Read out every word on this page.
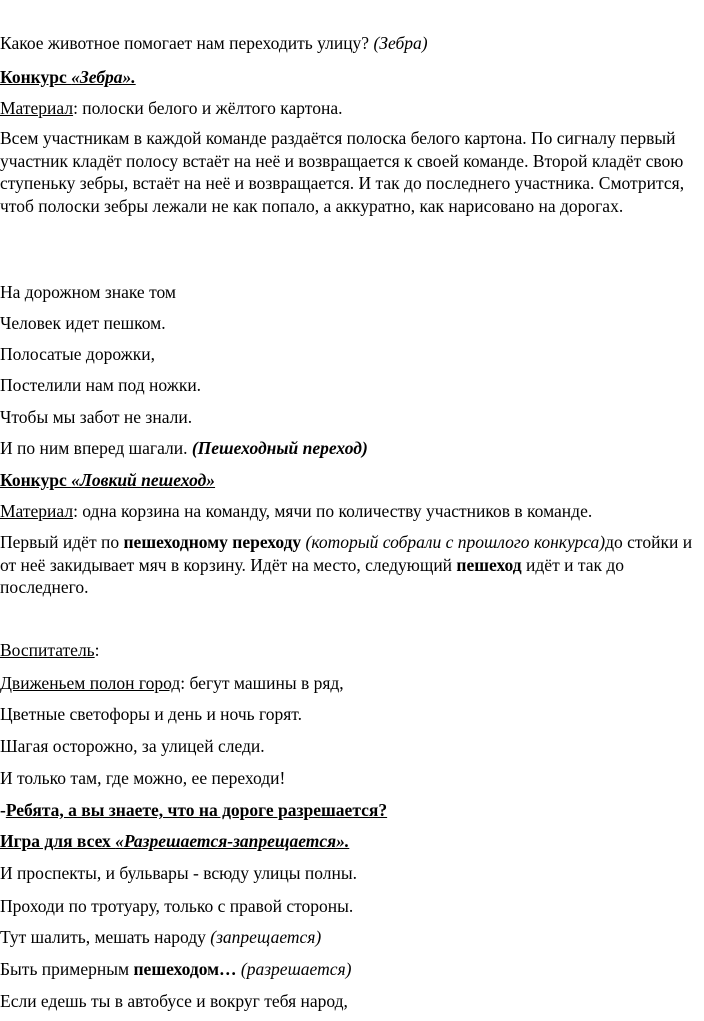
Какое животное помогает нам переходить улицу? (Зебра)
Конкурс «Зебра».
Материал: полоски белого и жёлтого картона.
Всем участникам в каждой команде раздаётся полоска белого картона. По сигналу первый участник кладёт полосу встаёт на неё и возвращается к своей команде. Второй кладёт свою ступеньку зебры, встаёт на неё и возвращается. И так до последнего участника. Смотрится, чтоб полоски зебры лежали не как попало, а аккуратно, как нарисовано на дорогах.
На дорожном знаке том
Человек идет пешком.
Полосатые дорожки,
Постелили нам под ножки.
Чтобы мы забот не знали.
И по ним вперед шагали. (Пешеходный переход)
Конкурс «Ловкий пешеход»
Материал: одна корзина на команду, мячи по количеству участников в команде.
Первый идёт по пешеходному переходу (который собрали с прошлого конкурса)до стойки и от неё закидывает мяч в корзину. Идёт на место, следующий пешеход идёт и так до последнего.
Воспитатель:
Движеньем полон город: бегут машины в ряд,
Цветные светофоры и день и ночь горят.
Шагая осторожно, за улицей следи.
И только там, где можно, ее переходи!
-Ребята, а вы знаете, что на дороге разрешается?
Игра для всех «Разрешается-запрещается».
И проспекты, и бульвары - всюду улицы полны.
Проходи по тротуару, только с правой стороны.
Тут шалить, мешать народу (запрещается)
Быть примерным пешеходом… (разрешается)
Если едешь ты в автобусе и вокруг тебя народ,
